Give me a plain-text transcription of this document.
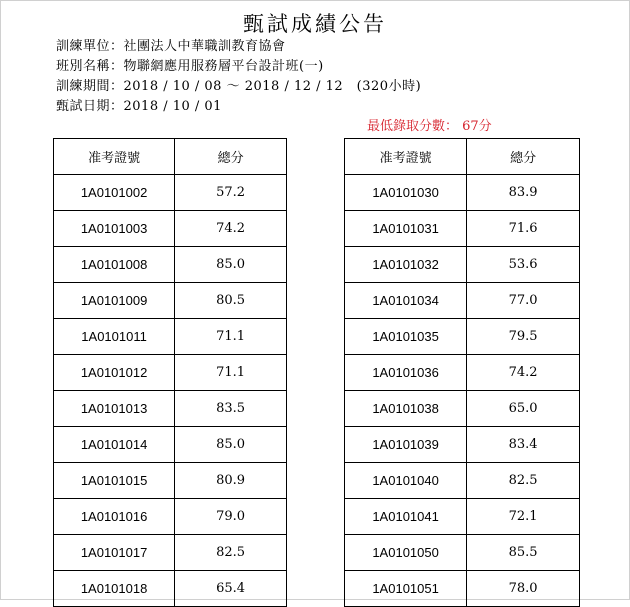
甄試成績公告
訓練單位：社團法人中華職訓教育協會
班別名稱：物聯網應用服務層平台設計班(一)
訓練期間：2018 / 10 / 08 ～ 2018 / 12 / 12　(320小時)
甄試日期：2018 / 10 / 01
最低錄取分數： 67分
准考證號	總分
1A0101002	57.2
1A0101003	74.2
1A0101008	85.0
1A0101009	80.5
1A0101011	71.1
1A0101012	71.1
1A0101013	83.5
1A0101014	85.0
1A0101015	80.9
1A0101016	79.0
1A0101017	82.5
1A0101018	65.4
准考證號	總分
1A0101030	83.9
1A0101031	71.6
1A0101032	53.6
1A0101034	77.0
1A0101035	79.5
1A0101036	74.2
1A0101038	65.0
1A0101039	83.4
1A0101040	82.5
1A0101041	72.1
1A0101050	85.5
1A0101051	78.0
